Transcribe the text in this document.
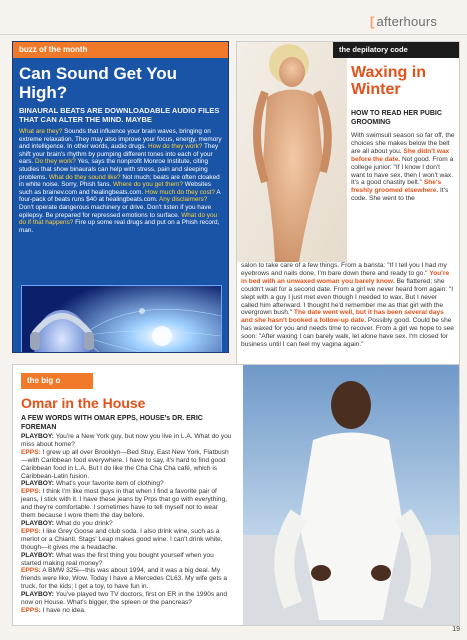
[ afterhours
buzz of the month
Can Sound Get You High?
BINAURAL BEATS ARE DOWNLOADABLE AUDIO FILES THAT CAN ALTER THE MIND. MAYBE
What are they? Sounds that influence your brain waves, bringing on extreme relaxation. They may also improve your focus, energy, memory and intelligence. In other words, audio drugs. How do they work? They shift your brain's rhythm by pumping different tones into each of your ears. Do they work? Yes, says the nonprofit Monroe Institute, citing studies that show binaurals can help with stress, pain and sleeping problems. What do they sound like? Not much; beats are often cloaked in white noise. Sorry, Phish fans. Where do you get them? Websites such as brainev.com and healingbeats.com. How much do they cost? A four-pack of beats runs $40 at healingbeats.com. Any disclaimers? Don't operate dangerous machinery or drive. Don't listen if you have epilepsy. Be prepared for repressed emotions to surface. What do you do if that happens? Fire up some real drugs and put on a Phish record, man.
the depilatory code
Waxing in Winter
HOW TO READ HER PUBIC GROOMING
With swimsuit season so far off, the choices she makes below the belt are all about you. She didn't wax before the date. Not good. From a college junior: "If I know I don't want to have sex, then I won't wax. It's a good chastity belt." She's freshly groomed elsewhere. It's code. She went to the
salon to take care of a few things. From a barista: "If I tell you I had my eyebrows and nails done, I'm bare down there and ready to go." You're in bed with an unwaxed woman you barely know. Be flattered; she couldn't wait for a second date. From a girl we never heard from again: "I slept with a guy I just met even though I needed to wax. But I never called him afterward. I thought he'd remember me as that girl with the overgrown bush." The date went well, but it has been several days and she hasn't booked a follow-up date. Possibly good. Could be she has waxed for you and needs time to recover. From a girl we hope to see soon: "After waxing I can barely walk, let alone have sex. I'm closed for business until I can feel my vagina again."
the big o
Omar in the House
A FEW WORDS WITH OMAR EPPS, HOUSE's DR. ERIC FOREMAN
PLAYBOY: You're a New York guy, but now you live in L.A. What do you miss about home?
EPPS: I grew up all over Brooklyn—Bed Stuy, East New York, Flatbush—with Caribbean food everywhere. I have to say, it's hard to find good Caribbean food in L.A. But I do like the Cha Cha Cha café, which is Caribbean-Latin fusion.
PLAYBOY: What's your favorite item of clothing?
EPPS: I think I'm like most guys in that when I find a favorite pair of jeans, I stick with it. I have these jeans by Prps that go with everything, and they're comfortable. I sometimes have to tell myself not to wear them because I wore them the day before.
PLAYBOY: What do you drink?
EPPS: I like Grey Goose and club soda. I also drink wine, such as a merlot or a Chianti. Stags' Leap makes good wine. I can't drink white, though—it gives me a headache.
PLAYBOY: What was the first thing you bought yourself when you started making real money?
EPPS: A BMW 325i—this was about 1994, and it was a big deal. My friends were like, Wow. Today I have a Mercedes CL63. My wife gets a truck, for the kids; I get a toy, to have fun in.
PLAYBOY: You've played two TV doctors, first on ER in the 1990s and now on House. What's bigger, the spleen or the pancreas?
EPPS: I have no idea.
19
